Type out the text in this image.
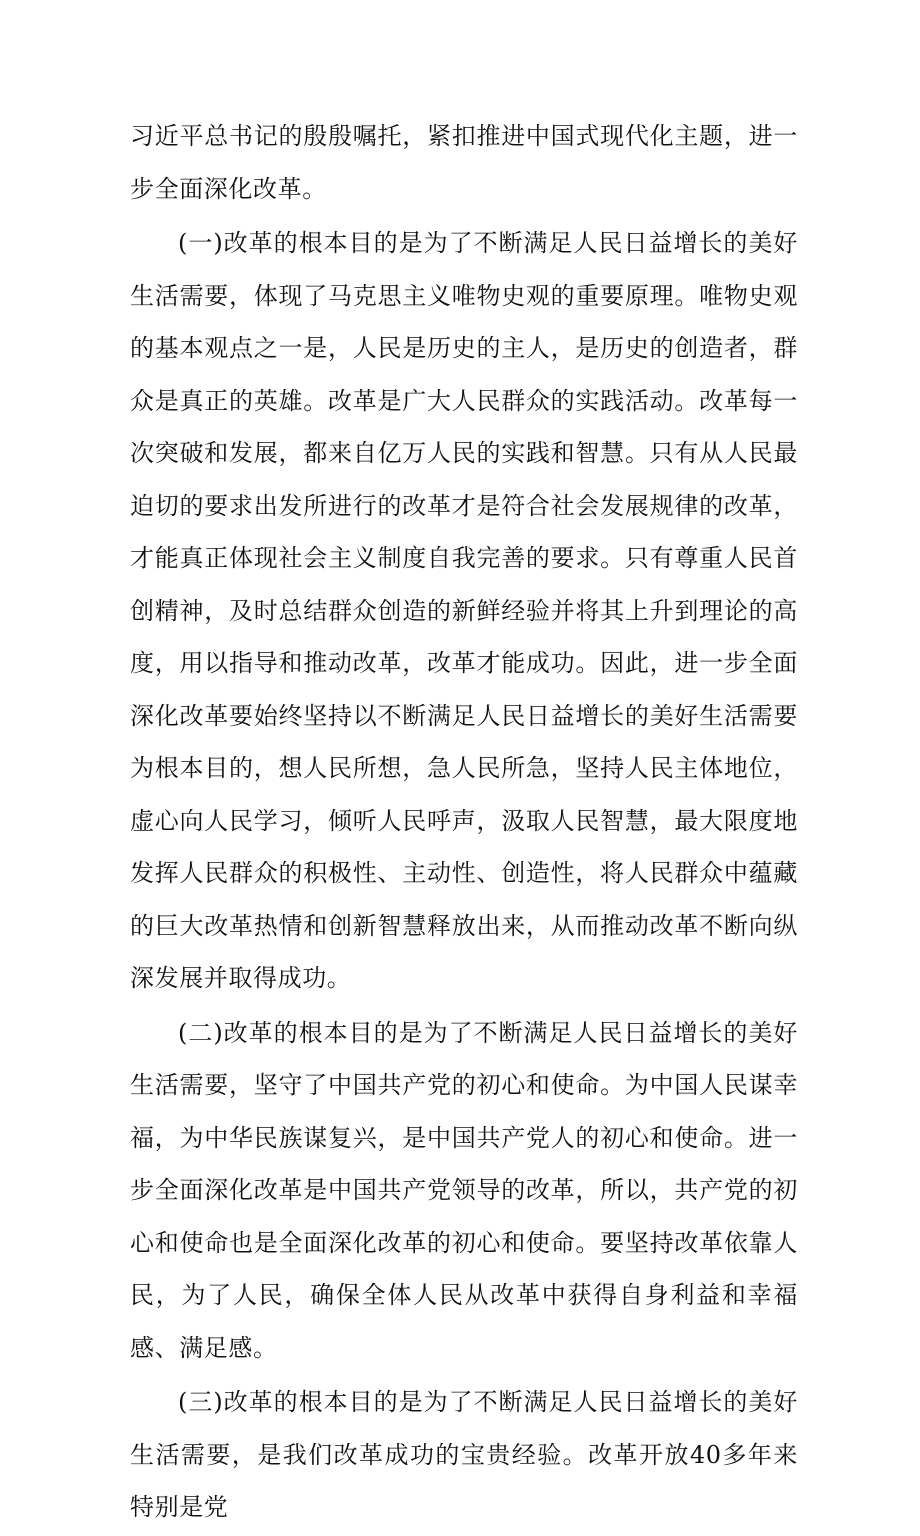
习近平总书记的殷殷嘱托，紧扣推进中国式现代化主题，进一步全面深化改革。

(一)改革的根本目的是为了不断满足人民日益增长的美好生活需要，体现了马克思主义唯物史观的重要原理。唯物史观的基本观点之一是，人民是历史的主人，是历史的创造者，群众是真正的英雄。改革是广大人民群众的实践活动。改革每一次突破和发展，都来自亿万人民的实践和智慧。只有从人民最迫切的要求出发所进行的改革才是符合社会发展规律的改革，才能真正体现社会主义制度自我完善的要求。只有尊重人民首创精神，及时总结群众创造的新鲜经验并将其上升到理论的高度，用以指导和推动改革，改革才能成功。因此，进一步全面深化改革要始终坚持以不断满足人民日益增长的美好生活需要为根本目的，想人民所想，急人民所急，坚持人民主体地位，虚心向人民学习，倾听人民呼声，汲取人民智慧，最大限度地发挥人民群众的积极性、主动性、创造性，将人民群众中蕴藏的巨大改革热情和创新智慧释放出来，从而推动改革不断向纵深发展并取得成功。

(二)改革的根本目的是为了不断满足人民日益增长的美好生活需要，坚守了中国共产党的初心和使命。为中国人民谋幸福，为中华民族谋复兴，是中国共产党人的初心和使命。进一步全面深化改革是中国共产党领导的改革，所以，共产党的初心和使命也是全面深化改革的初心和使命。要坚持改革依靠人民，为了人民，确保全体人民从改革中获得自身利益和幸福感、满足感。

(三)改革的根本目的是为了不断满足人民日益增长的美好生活需要，是我们改革成功的宝贵经验。改革开放40多年来特别是党
